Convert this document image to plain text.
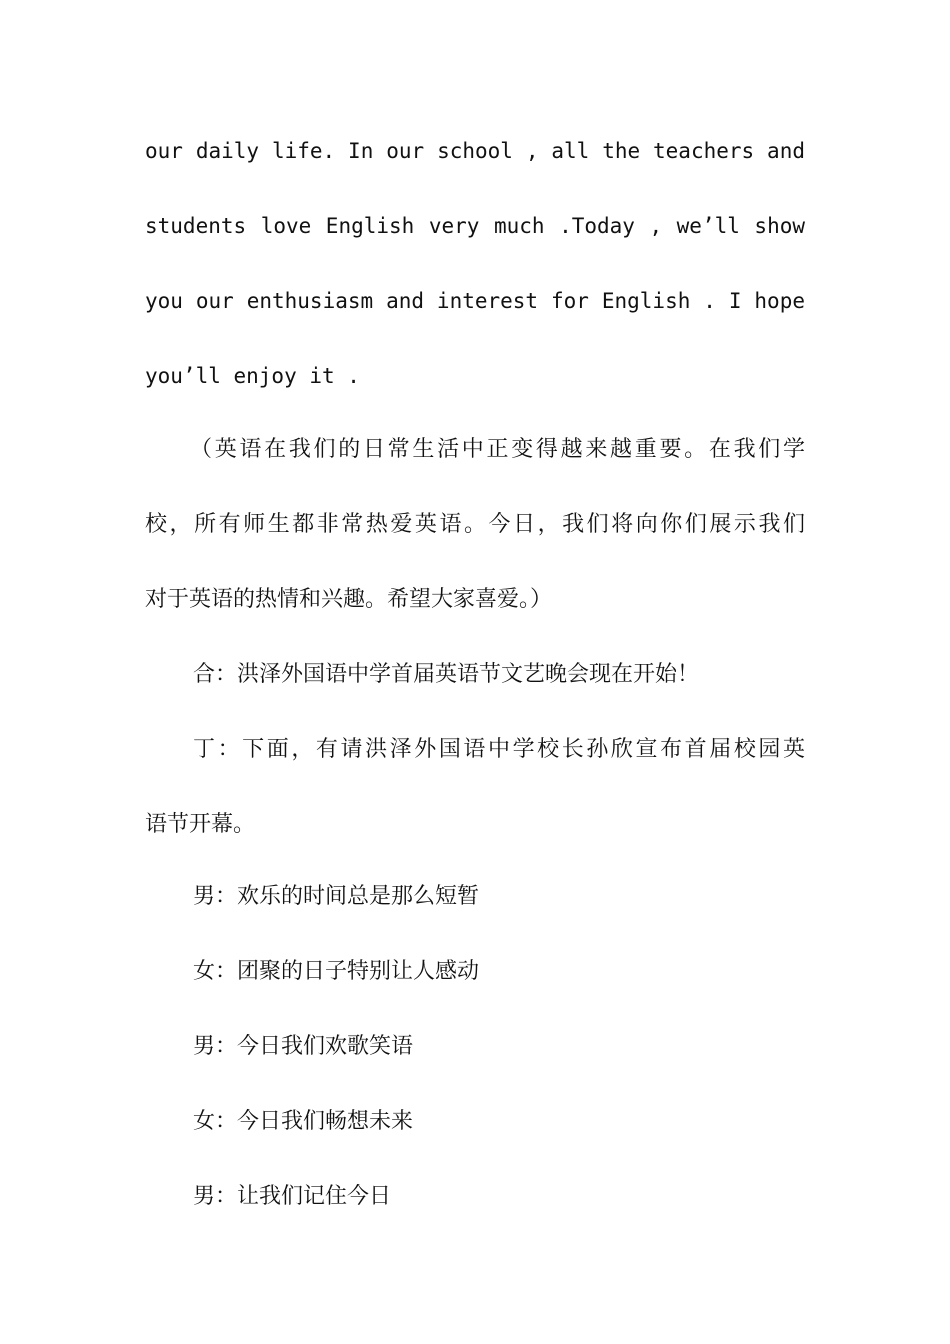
our daily life. In our school , all the teachers and
students love English very much .Today , we’ll show
you our enthusiasm and interest for English . I hope
you’ll enjoy it .
（英语在我们的日常生活中正变得越来越重要。在我们学
校，所有师生都非常热爱英语。今日，我们将向你们展示我们
对于英语的热情和兴趣。希望大家喜爱。）
合：洪泽外国语中学首届英语节文艺晚会现在开始！
丁：下面，有请洪泽外国语中学校长孙欣宣布首届校园英
语节开幕。
男：欢乐的时间总是那么短暂
女：团聚的日子特别让人感动
男：今日我们欢歌笑语
女：今日我们畅想未来
男：让我们记住今日
